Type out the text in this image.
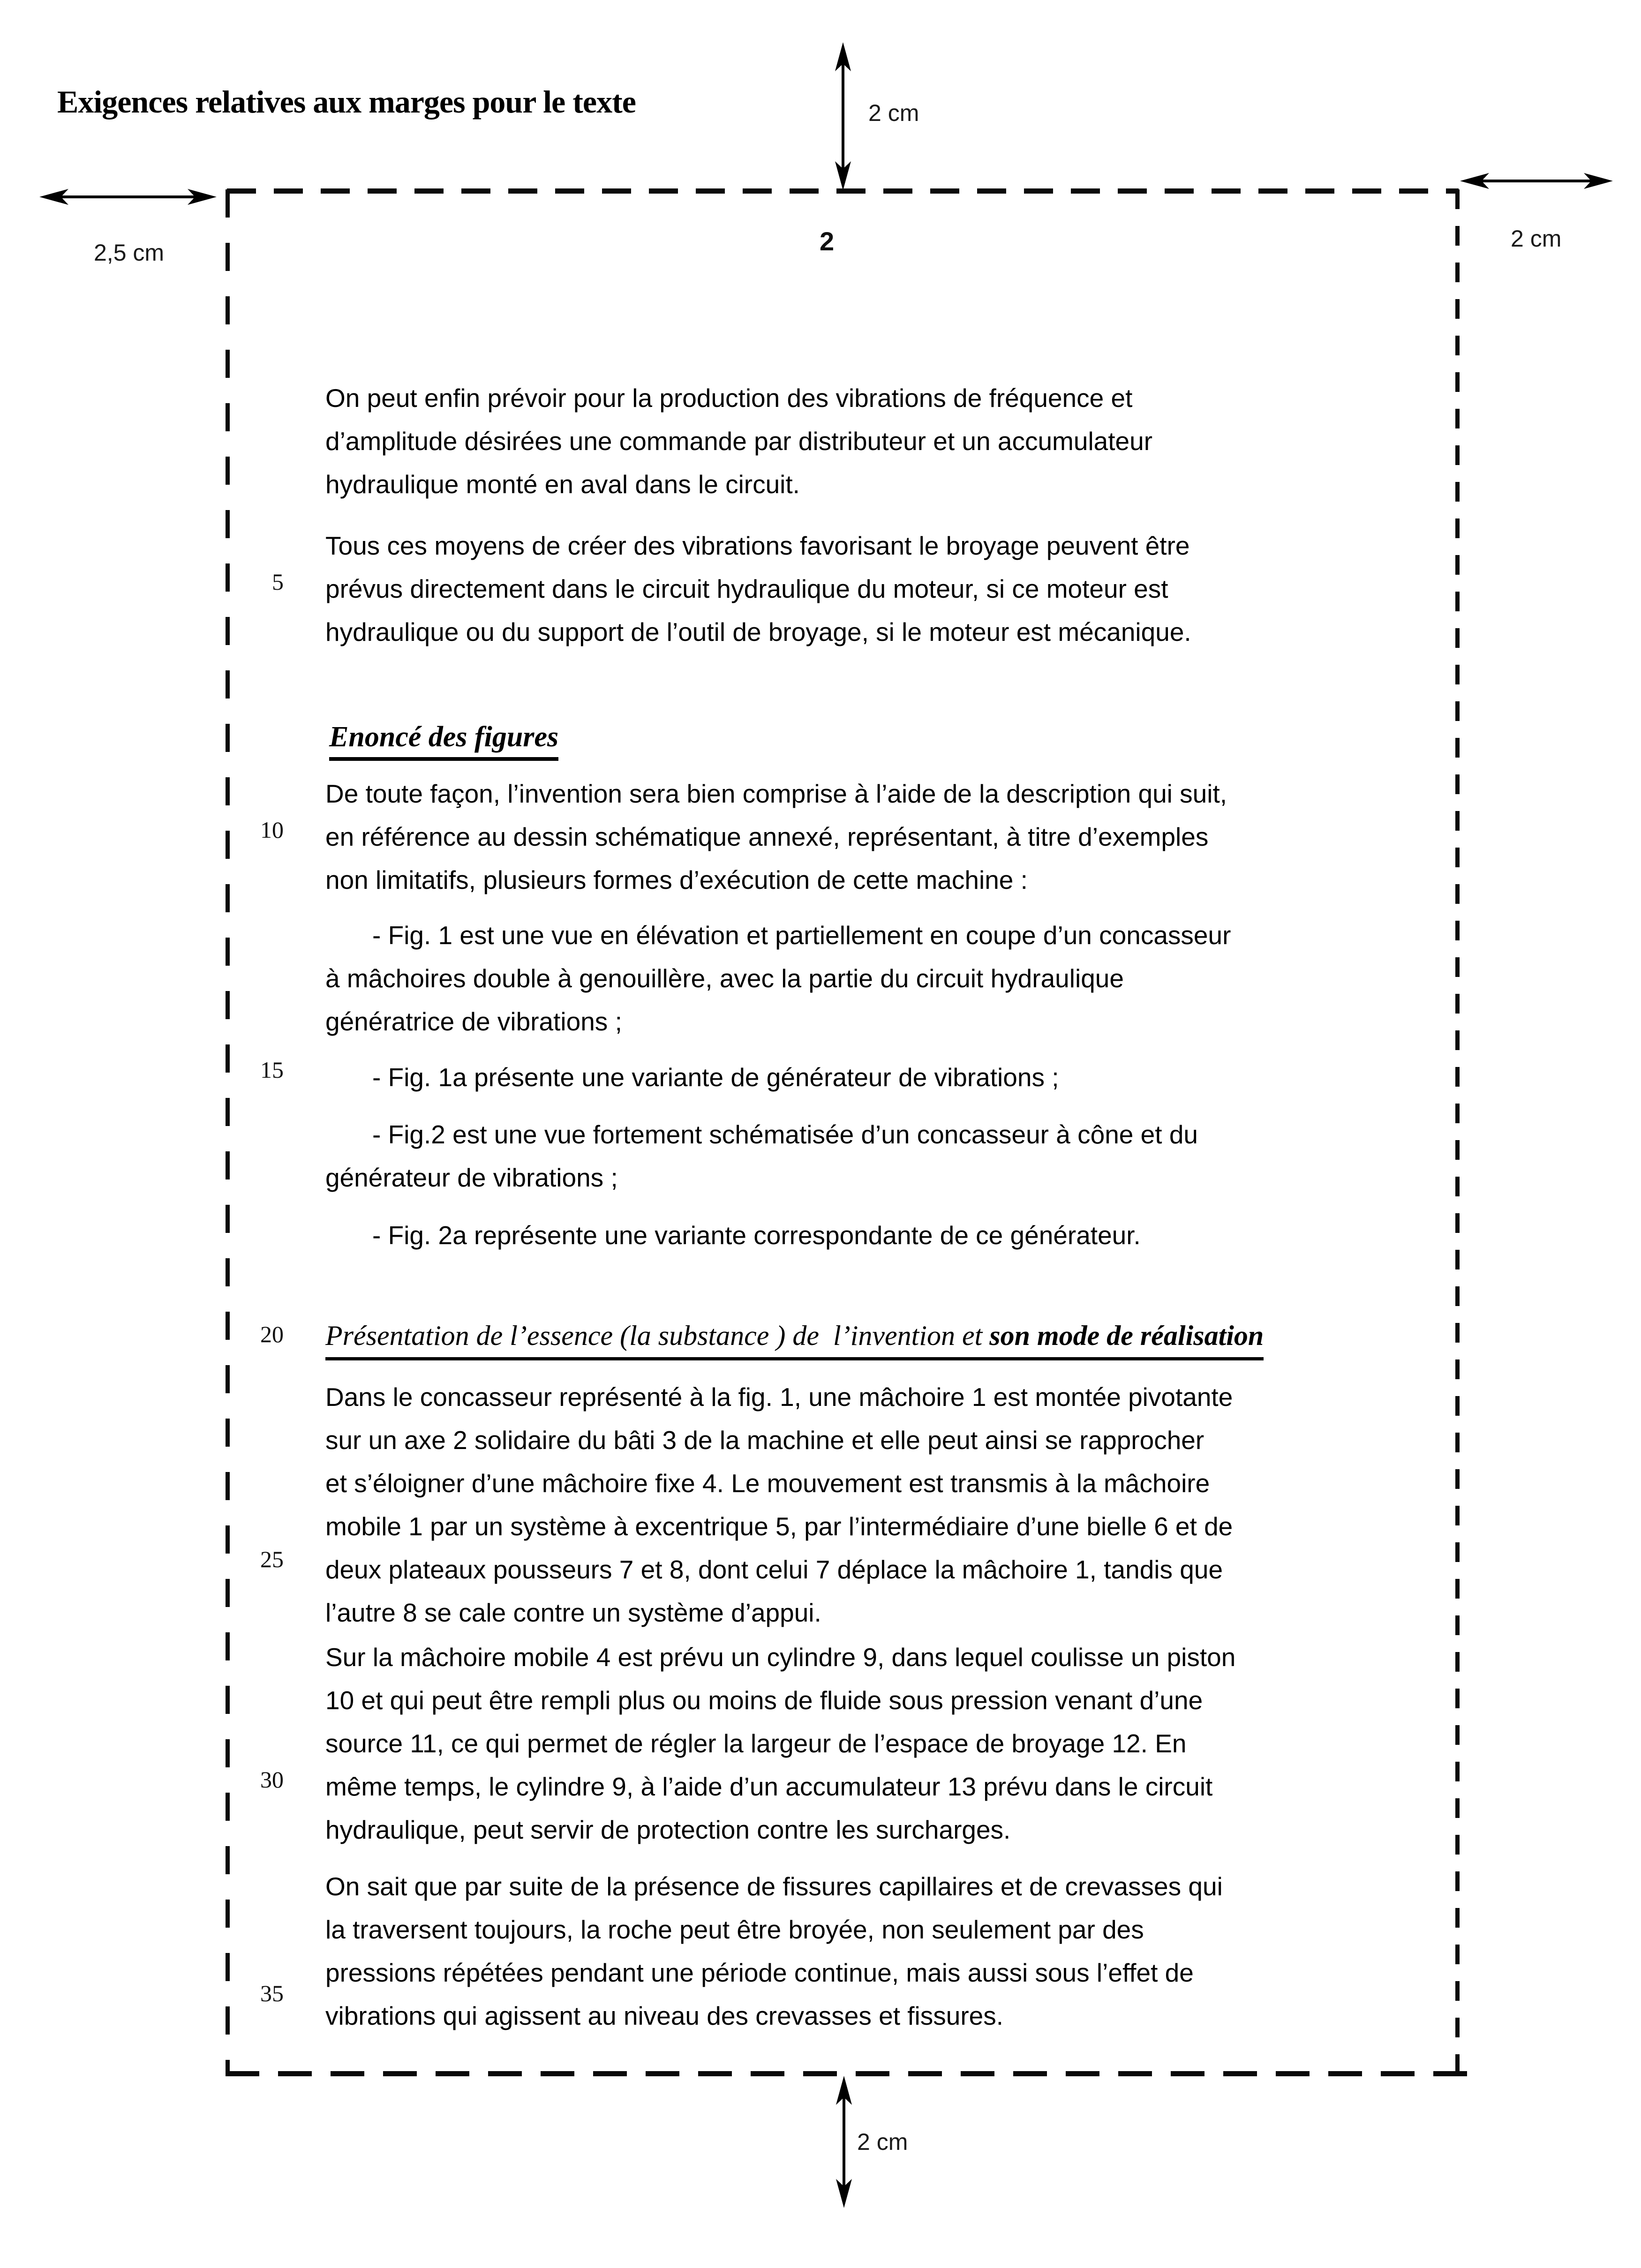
Exigences relatives aux marges pour le texte	2 cm
2,5 cm
2 cm
2 cm
2
5
10
15
20
25
30
35
On peut enfin prévoir pour la production des vibrations de fréquence et
d’amplitude désirées une commande par distributeur et un accumulateur
hydraulique monté en aval dans le circuit.
Tous ces moyens de créer des vibrations favorisant le broyage peuvent être
prévus directement dans le circuit hydraulique du moteur, si ce moteur est
hydraulique ou du support de l’outil de broyage, si le moteur est mécanique.
Enoncé des figures
De toute façon, l’invention sera bien comprise à l’aide de la description qui suit,
en référence au dessin schématique annexé, représentant, à titre d’exemples
non limitatifs, plusieurs formes d’exécution de cette machine :
- Fig. 1 est une vue en élévation et partiellement en coupe d’un concasseur
à mâchoires double à genouillère, avec la partie du circuit hydraulique
génératrice de vibrations ;
- Fig. 1a présente une variante de générateur de vibrations ;
- Fig.2 est une vue fortement schématisée d’un concasseur à cône et du
générateur de vibrations ;
- Fig. 2a représente une variante correspondante de ce générateur.
Présentation de l’essence (la substance ) de  l’invention et son mode de réalisation
Dans le concasseur représenté à la fig. 1, une mâchoire 1 est montée pivotante
sur un axe 2 solidaire du bâti 3 de la machine et elle peut ainsi se rapprocher
et s’éloigner d’une mâchoire fixe 4. Le mouvement est transmis à la mâchoire
mobile 1 par un système à excentrique 5, par l’intermédiaire d’une bielle 6 et de
deux plateaux pousseurs 7 et 8, dont celui 7 déplace la mâchoire 1, tandis que
l’autre 8 se cale contre un système d’appui.
Sur la mâchoire mobile 4 est prévu un cylindre 9, dans lequel coulisse un piston
10 et qui peut être rempli plus ou moins de fluide sous pression venant d’une
source 11, ce qui permet de régler la largeur de l’espace de broyage 12. En
même temps, le cylindre 9, à l’aide d’un accumulateur 13 prévu dans le circuit
hydraulique, peut servir de protection contre les surcharges.
On sait que par suite de la présence de fissures capillaires et de crevasses qui
la traversent toujours, la roche peut être broyée, non seulement par des
pressions répétées pendant une période continue, mais aussi sous l’effet de
vibrations qui agissent au niveau des crevasses et fissures.
